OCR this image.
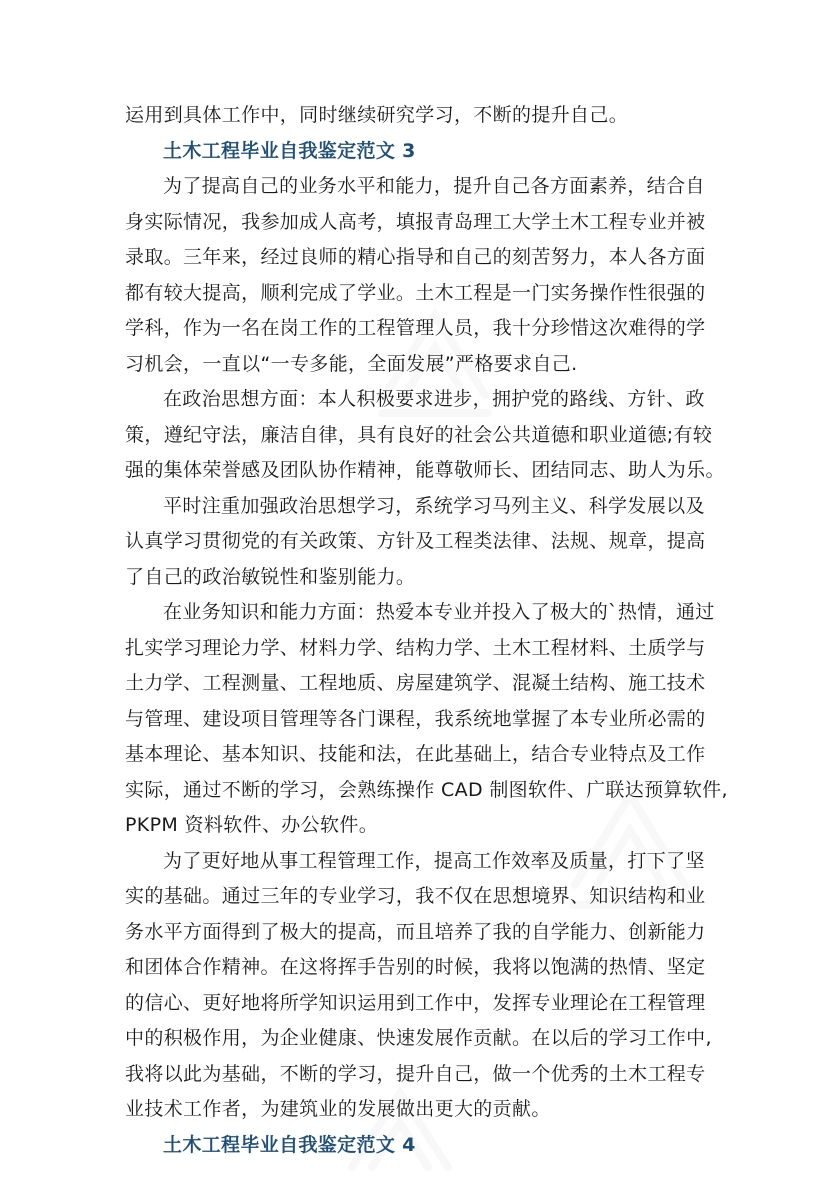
运用到具体工作中，同时继续研究学习，不断的提升自己。
土木工程毕业自我鉴定范文 3
为了提高自己的业务水平和能力，提升自己各方面素养，结合自
身实际情况，我参加成人高考，填报青岛理工大学土木工程专业并被
录取。三年来，经过良师的精心指导和自己的刻苦努力，本人各方面
都有较大提高，顺利完成了学业。土木工程是一门实务操作性很强的
学科，作为一名在岗工作的工程管理人员，我十分珍惜这次难得的学
习机会，一直以“一专多能，全面发展”严格要求自己.
在政治思想方面：本人积极要求进步，拥护党的路线、方针、政
策，遵纪守法，廉洁自律，具有良好的社会公共道德和职业道德;有较
强的集体荣誉感及团队协作精神，能尊敬师长、团结同志、助人为乐。
平时注重加强政治思想学习，系统学习马列主义、科学发展以及
认真学习贯彻党的有关政策、方针及工程类法律、法规、规章，提高
了自己的政治敏锐性和鉴别能力。
在业务知识和能力方面：热爱本专业并投入了极大的`热情，通过
扎实学习理论力学、材料力学、结构力学、土木工程材料、土质学与
土力学、工程测量、工程地质、房屋建筑学、混凝土结构、施工技术
与管理、建设项目管理等各门课程，我系统地掌握了本专业所必需的
基本理论、基本知识、技能和法，在此基础上，结合专业特点及工作
实际，通过不断的学习，会熟练操作 CAD 制图软件、广联达预算软件,
PKPM 资料软件、办公软件。
为了更好地从事工程管理工作，提高工作效率及质量，打下了坚
实的基础。通过三年的专业学习，我不仅在思想境界、知识结构和业
务水平方面得到了极大的提高，而且培养了我的自学能力、创新能力
和团体合作精神。在这将挥手告别的时候，我将以饱满的热情、坚定
的信心、更好地将所学知识运用到工作中，发挥专业理论在工程管理
中的积极作用，为企业健康、快速发展作贡献。在以后的学习工作中,
我将以此为基础，不断的学习，提升自己，做一个优秀的土木工程专
业技术工作者，为建筑业的发展做出更大的贡献。
土木工程毕业自我鉴定范文 4
